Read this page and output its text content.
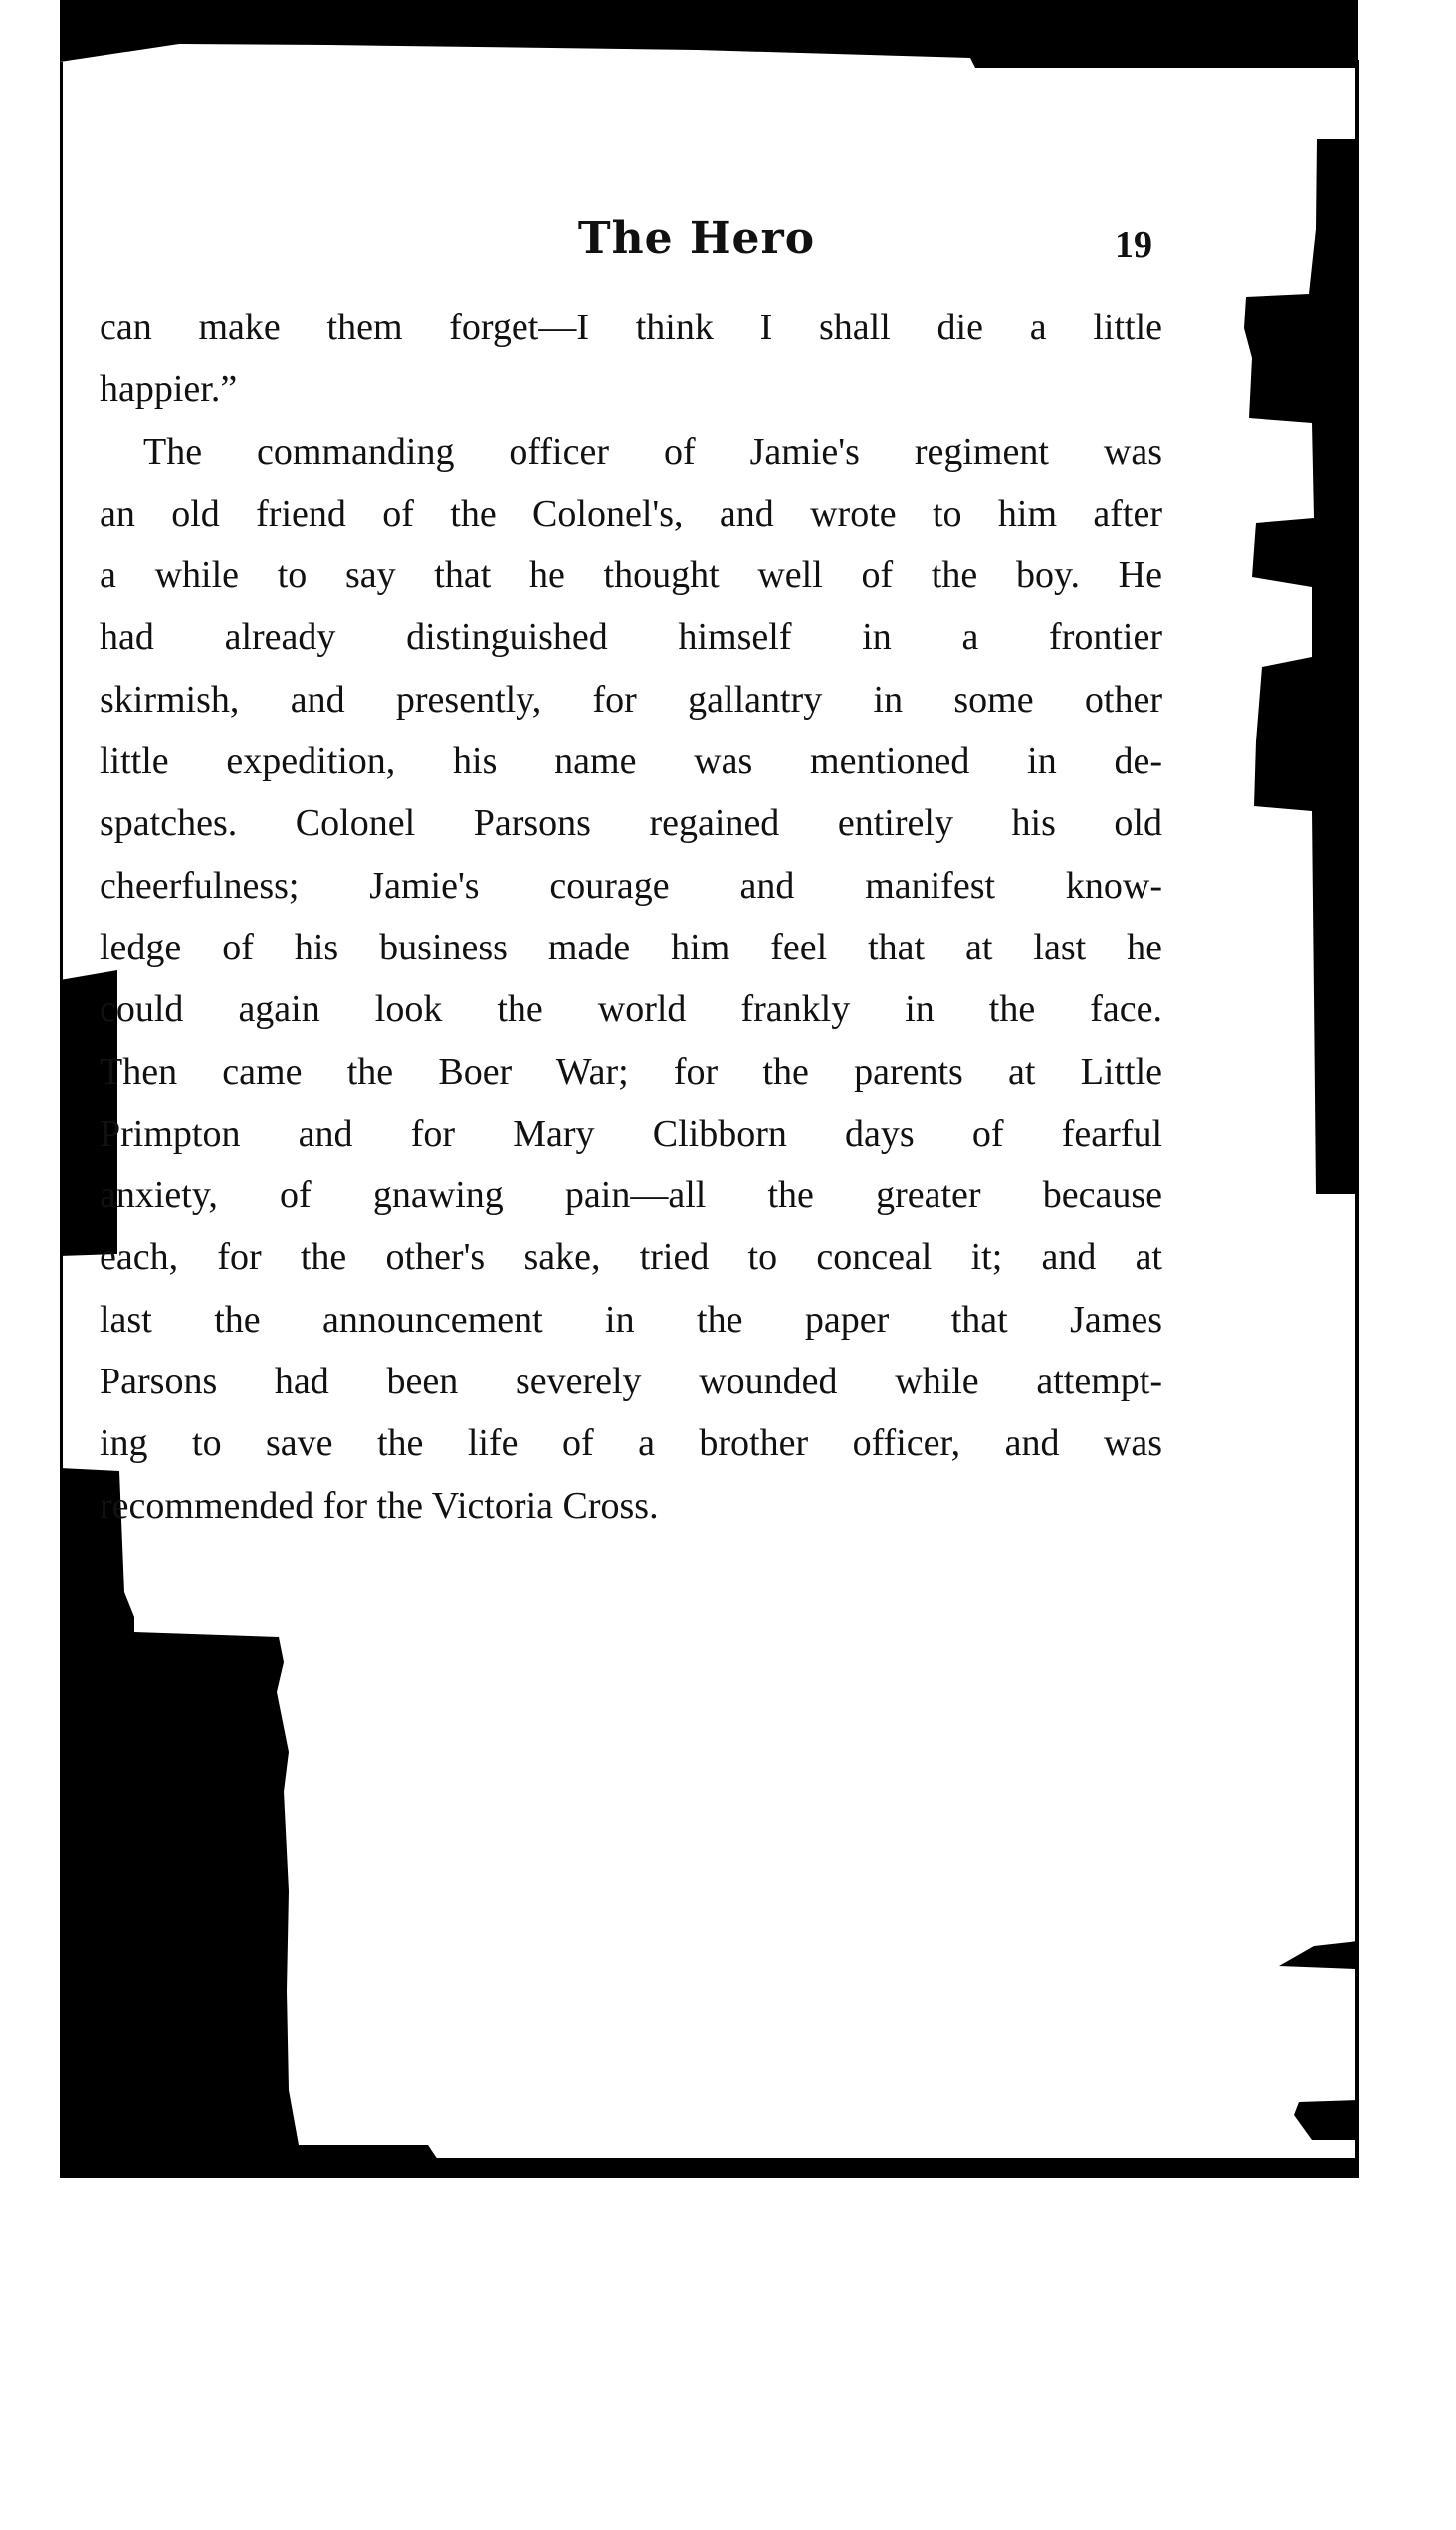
The Hero	19
can make them forget—I think I shall die a little
happier.”
The commanding officer of Jamie's regiment was
an old friend of the Colonel's, and wrote to him after
a while to say that he thought well of the boy. He
had already distinguished himself in a frontier
skirmish, and presently, for gallantry in some other
little expedition, his name was mentioned in de-
spatches. Colonel Parsons regained entirely his old
cheerfulness; Jamie's courage and manifest know-
ledge of his business made him feel that at last he
could again look the world frankly in the face.
Then came the Boer War; for the parents at Little
Primpton and for Mary Clibborn days of fearful
anxiety, of gnawing pain—all the greater because
each, for the other's sake, tried to conceal it; and at
last the announcement in the paper that James
Parsons had been severely wounded while attempt-
ing to save the life of a brother officer, and was
recommended for the Victoria Cross.
